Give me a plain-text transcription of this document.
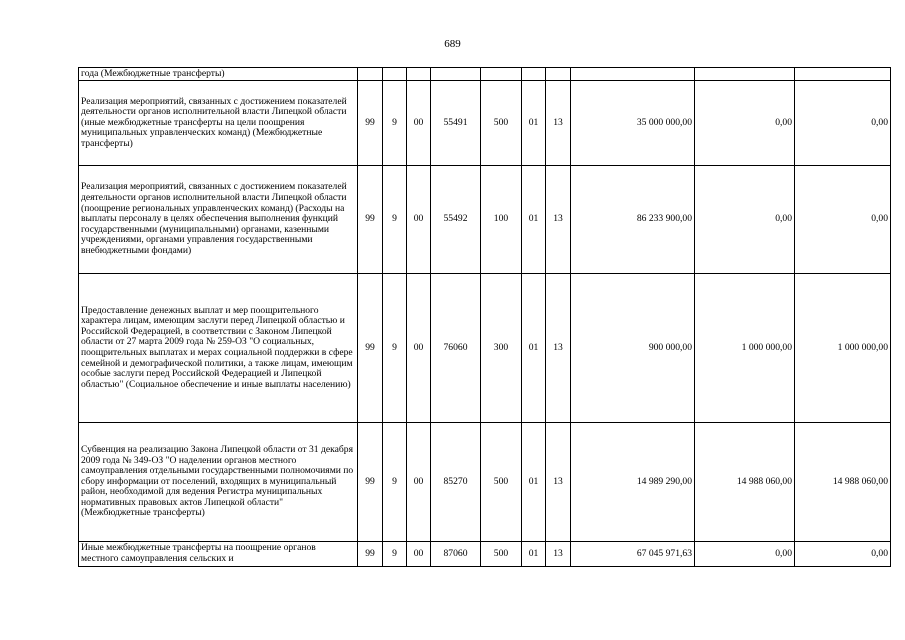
689
года (Межбюджетные трансферты)										
Реализация мероприятий, связанных с достижением показателей деятельности органов исполнительной власти Липецкой области (иные межбюджетные трансферты на цели поощрения муниципальных управленческих команд) (Межбюджетные трансферты)	99	9	00	55491	500	01	13	35 000 000,00	0,00	0,00
Реализация мероприятий, связанных с достижением показателей деятельности органов исполнительной власти Липецкой области (поощрение региональных управленческих команд) (Расходы на выплаты персоналу в целях обеспечения выполнения функций государственными (муниципальными) органами, казенными учреждениями, органами управления государственными внебюджетными фондами)	99	9	00	55492	100	01	13	86 233 900,00	0,00	0,00
Предоставление денежных выплат и мер поощрительного характера лицам, имеющим заслуги перед Липецкой областью и Российской Федерацией, в соответствии с Законом Липецкой области от 27 марта 2009 года № 259-ОЗ "О социальных, поощрительных выплатах и мерах социальной поддержки в сфере семейной и демографической политики, а также лицам, имеющим особые заслуги перед Российской Федерацией и Липецкой областью" (Социальное обеспечение и иные выплаты населению)	99	9	00	76060	300	01	13	900 000,00	1 000 000,00	1 000 000,00
Субвенция на реализацию Закона Липецкой области от 31 декабря 2009 года № 349-ОЗ "О наделении органов местного самоуправления отдельными государственными полномочиями по сбору информации от поселений, входящих в муниципальный район, необходимой для ведения Регистра муниципальных нормативных правовых актов Липецкой области" (Межбюджетные трансферты)	99	9	00	85270	500	01	13	14 989 290,00	14 988 060,00	14 988 060,00
Иные межбюджетные трансферты на поощрение органов местного самоуправления сельских и	99	9	00	87060	500	01	13	67 045 971,63	0,00	0,00
